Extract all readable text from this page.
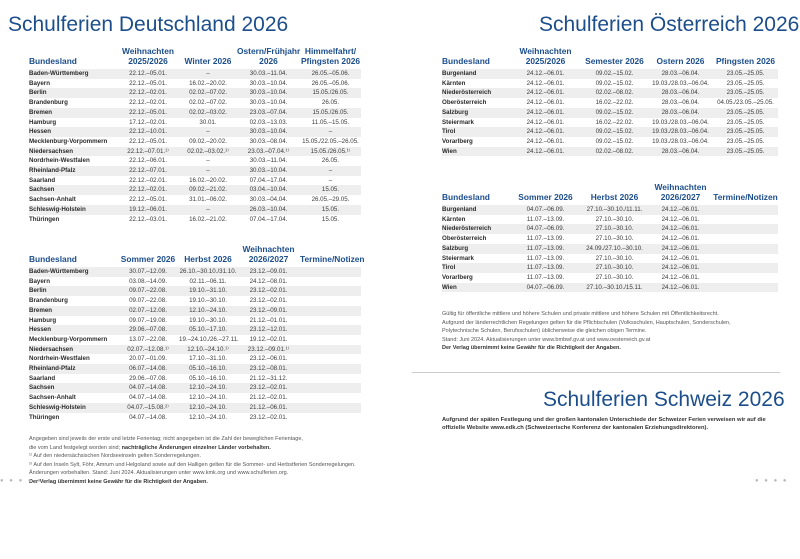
Schulferien Deutschland 2026	Schulferien Österreich 2026
Schulferien Schweiz 2026
Bundesland	Weihnachten 2025/2026	Winter 2026	Ostern/Frühjahr 2026	Himmelfahrt/ Pfingsten 2026
Baden-Württemberg	22.12.–05.01.	–	30.03.–11.04.	26.05.–05.06.
Bayern	22.12.–05.01.	16.02.–20.02.	30.03.–10.04.	26.05.–05.06.
Berlin	22.12.–02.01.	02.02.–07.02.	30.03.–10.04.	15.05./26.05.
Brandenburg	22.12.–02.01.	02.02.–07.02.	30.03.–10.04.	26.05.
Bremen	22.12.–05.01.	02.02.–03.02.	23.03.–07.04.	15.05./26.05.
Hamburg	17.12.–02.01.	30.01.	02.03.–13.03.	11.05.–15.05.
Hessen	22.12.–10.01.	–	30.03.–10.04.	–
Mecklenburg-Vorpommern	22.12.–05.01.	09.02.–20.02.	30.03.–08.04.	15.05./22.05.–26.05.
Niedersachsen	22.12.–07.01.¹⁾	02.02.–03.02.¹⁾	23.03.–07.04.¹⁾	15.05./26.05.¹⁾
Nordrhein-Westfalen	22.12.–06.01.	–	30.03.–11.04.	26.05.
Rheinland-Pfalz	22.12.–07.01.	–	30.03.–10.04.	–
Saarland	22.12.–02.01.	16.02.–20.02.	07.04.–17.04.	–
Sachsen	22.12.–02.01.	09.02.–21.02.	03.04.–10.04.	15.05.
Sachsen-Anhalt	22.12.–05.01.	31.01.–06.02.	30.03.–04.04.	26.05.–29.05.
Schleswig-Holstein	19.12.–06.01.	–	26.03.–10.04.	15.05.
Thüringen	22.12.–03.01.	16.02.–21.02.	07.04.–17.04.	15.05.
Bundesland	Sommer 2026	Herbst 2026	Weihnachten 2026/2027	Termine/Notizen
Baden-Württemberg	30.07.–12.09.	26.10.–30.10./31.10.	23.12.–09.01.	
Bayern	03.08.–14.09.	02.11.–06.11.	24.12.–08.01.	
Berlin	09.07.–22.08.	19.10.–31.10.	23.12.–02.01.	
Brandenburg	09.07.–22.08.	19.10.–30.10.	23.12.–02.01.	
Bremen	02.07.–12.08.	12.10.–24.10.	23.12.–09.01.	
Hamburg	09.07.–19.08.	19.10.–30.10.	21.12.–01.01.	
Hessen	29.06.–07.08.	05.10.–17.10.	23.12.–12.01.	
Mecklenburg-Vorpommern	13.07.–22.08.	19.–24.10./26.–27.11.	19.12.–02.01.	
Niedersachsen	02.07.–12.08.¹⁾	12.10.–24.10.¹⁾	23.12.–09.01.¹⁾	
Nordrhein-Westfalen	20.07.–01.09.	17.10.–31.10.	23.12.–06.01.	
Rheinland-Pfalz	06.07.–14.08.	05.10.–16.10.	23.12.–08.01.	
Saarland	29.06.–07.08.	05.10.–16.10.	21.12.–31.12.	
Sachsen	04.07.–14.08.	12.10.–24.10.	23.12.–02.01.	
Sachsen-Anhalt	04.07.–14.08.	12.10.–24.10.	21.12.–02.01.	
Schleswig-Holstein	04.07.–15.08.²⁾	12.10.–24.10.	21.12.–06.01.	
Thüringen	04.07.–14.08.	12.10.–24.10.	23.12.–02.01.	
Angegeben sind jeweils der erste und letzte Ferientag; nicht angegeben ist die Zahl der beweglichen Ferientage,
die vom Land festgelegt worden sind; nachträgliche Änderungen einzelner Länder vorbehalten.
¹⁾ Auf den niedersächsischen Nordseeinseln gelten Sonderregelungen.
²⁾ Auf den Inseln Sylt, Föhr, Amrum und Helgoland sowie auf den Halligen gelten für die Sommer- und Herbstferien Sonderregelungen.
Änderungen vorbehalten. Stand: Juni 2024. Aktualisierungen unter www.kmk.org und www.schulferien.org.
Der Verlag übernimmt keine Gewähr für die Richtigkeit der Angaben.
Bundesland	Weihnachten 2025/2026	Semester 2026	Ostern 2026	Pfingsten 2026
Burgenland	24.12.–06.01.	09.02.–15.02.	28.03.–06.04.	23.05.–25.05.
Kärnten	24.12.–06.01.	09.02.–15.02.	19.03./28.03.–06.04.	23.05.–25.05.
Niederösterreich	24.12.–06.01.	02.02.–08.02.	28.03.–06.04.	23.05.–25.05.
Oberösterreich	24.12.–06.01.	16.02.–22.02.	28.03.–06.04.	04.05./23.05.–25.05.
Salzburg	24.12.–06.01.	09.02.–15.02.	28.03.–06.04.	23.05.–25.05.
Steiermark	24.12.–06.01.	16.02.–22.02.	19.03./28.03.–06.04.	23.05.–25.05.
Tirol	24.12.–06.01.	09.02.–15.02.	19.03./28.03.–06.04.	23.05.–25.05.
Vorarlberg	24.12.–06.01.	09.02.–15.02.	19.03./28.03.–06.04.	23.05.–25.05.
Wien	24.12.–06.01.	02.02.–08.02.	28.03.–06.04.	23.05.–25.05.
Bundesland	Sommer 2026	Herbst 2026	Weihnachten 2026/2027	Termine/Notizen
Burgenland	04.07.–06.09.	27.10.–30.10./11.11.	24.12.–06.01.	
Kärnten	11.07.–13.09.	27.10.–30.10.	24.12.–06.01.	
Niederösterreich	04.07.–06.09.	27.10.–30.10.	24.12.–06.01.	
Oberösterreich	11.07.–13.09.	27.10.–30.10.	24.12.–06.01.	
Salzburg	11.07.–13.09.	24.09./27.10.–30.10.	24.12.–06.01.	
Steiermark	11.07.–13.09.	27.10.–30.10.	24.12.–06.01.	
Tirol	11.07.–13.09.	27.10.–30.10.	24.12.–06.01.	
Vorarlberg	11.07.–13.09.	27.10.–30.10.	24.12.–06.01.	
Wien	04.07.–06.09.	27.10.–30.10./15.11.	24.12.–06.01.	
Gültig für öffentliche mittlere und höhere Schulen und private mittlere und höhere Schulen mit Öffentlichkeitsrecht.
Aufgrund der länderrechtlichen Regelungen gelten für die Pflichtschulen (Volksschulen, Hauptschulen, Sonderschulen,
Polytechnische Schulen, Berufsschulen) üblicherweise die gleichen obigen Termine.
Stand: Juni 2024. Aktualisierungen unter www.bmbwf.gv.at und www.oesterreich.gv.at
Der Verlag übernimmt keine Gewähr für die Richtigkeit der Angaben.
Aufgrund der späten Festlegung und der großen kantonalen Unterschiede der Schweizer Ferien verweisen wir auf die offizielle Website www.edk.ch (Schweizerische Konferenz der kantonalen Erziehungsdirektoren).
● ● ● ● ●	● ● ● ●
